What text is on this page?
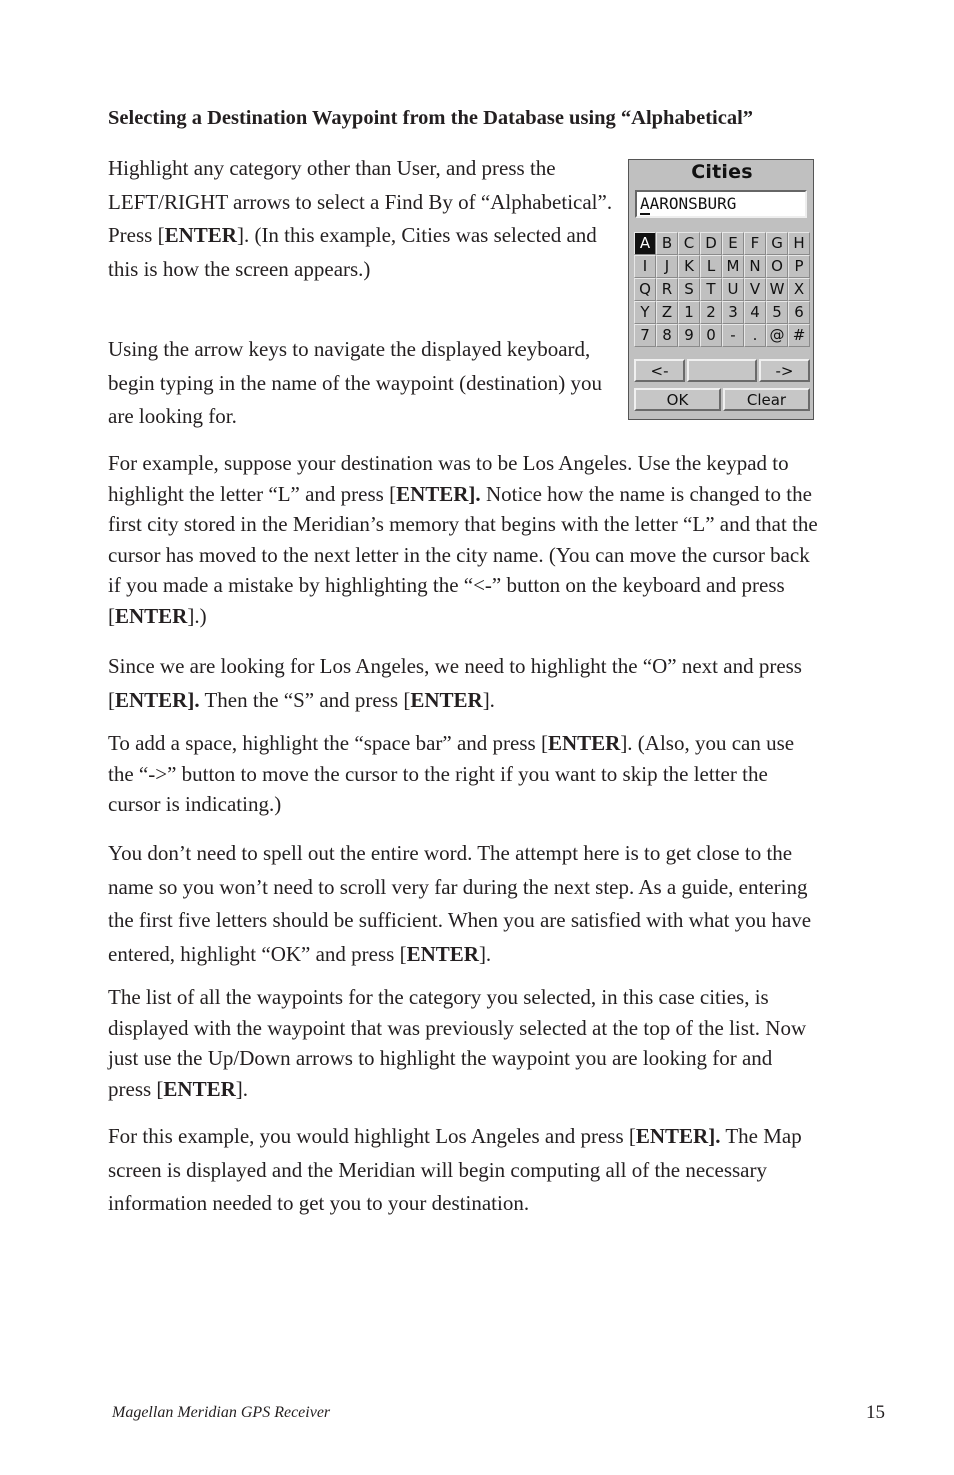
Selecting a Destination Waypoint from the Database using “Alphabetical”

Highlight any category other than User, and press the LEFT/RIGHT arrows to select a Find By of “Alphabetical”. Press [ENTER]. (In this example, Cities was selected and this is how the screen appears.)

Using the arrow keys to navigate the displayed keyboard, begin typing in the name of the waypoint (destination) you are looking for.

For example, suppose your destination was to be Los Angeles. Use the keypad to highlight the letter “L” and press [ENTER]. Notice how the name is changed to the first city stored in the Meridian’s memory that begins with the letter “L” and that the cursor has moved to the next letter in the city name. (You can move the cursor back if you made a mistake by highlighting the “<-” button on the keyboard and press [ENTER].)

Since we are looking for Los Angeles, we need to highlight the “O” next and press [ENTER]. Then the “S” and press [ENTER].

To add a space, highlight the “space bar” and press [ENTER]. (Also, you can use the “->” button to move the cursor to the right if you want to skip the letter the cursor is indicating.)

You don’t need to spell out the entire word. The attempt here is to get close to the name so you won’t need to scroll very far during the next step. As a guide, entering the first five letters should be sufficient. When you are satisfied with what you have entered, highlight “OK” and press [ENTER].

The list of all the waypoints for the category you selected, in this case cities, is displayed with the waypoint that was previously selected at the top of the list. Now just use the Up/Down arrows to highlight the waypoint you are looking for and press [ENTER].

For this example, you would highlight Los Angeles and press [ENTER]. The Map screen is displayed and the Meridian will begin computing all of the necessary information needed to get you to your destination.

Cities
AARONSBURG
A B C D E F G H
I	J K L M N O P
Q R S T U V W X
Y Z 1 2 3 4 5 6
7 8 9 0 -	. @ #
<-	->
OK	Clear
Magellan Meridian GPS Receiver	15
